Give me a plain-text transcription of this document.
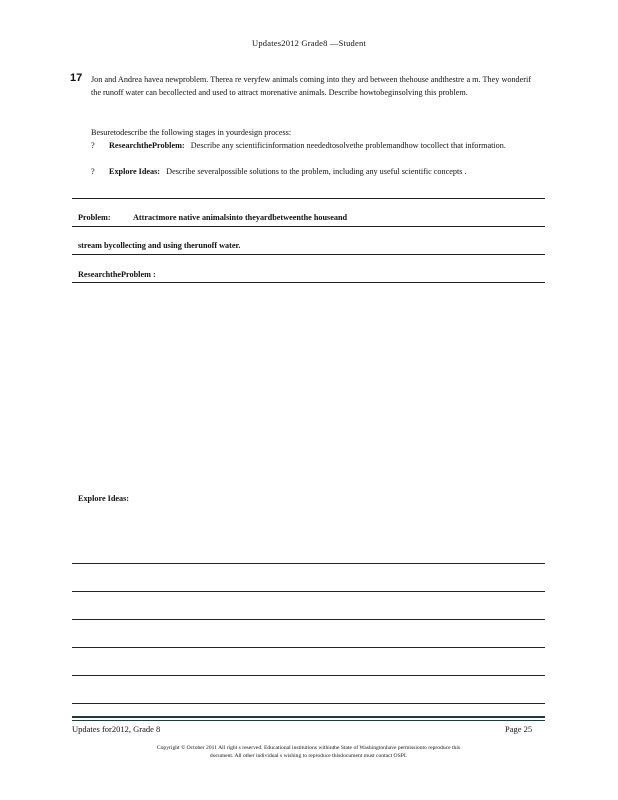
Updates2012 Grade8 —Student
17 Jon and Andrea havea newproblem. Therea re veryfew animals coming into they ard between thehouse andthestre a m. They wonderif the runoff water can becollected and used to attract morenative animals. Describe howtobeginsolving this problem.
Besuretodescribe the following stages in yourdesign process:
? ResearchtheProblem: Describe any scientificinformation neededtosolvethe problemandhow tocollect that information.
? Explore Ideas: Describe severalpossible solutions to the problem, including any useful scientific concepts .
Problem:	Attractmore native animalsinto theyardbetweenthe houseand
stream bycollecting and using therunoff water.
ResearchtheProblem :
Explore Ideas:
Updates for2012, Grade 8	Page 25
Copyright © October 2011 All right s reserved. Educational institutions withinthe State of Washingtonhave permissionto reproduce this
document. All other individual s wishing to reproduce thisdocument must contact OSPI.
